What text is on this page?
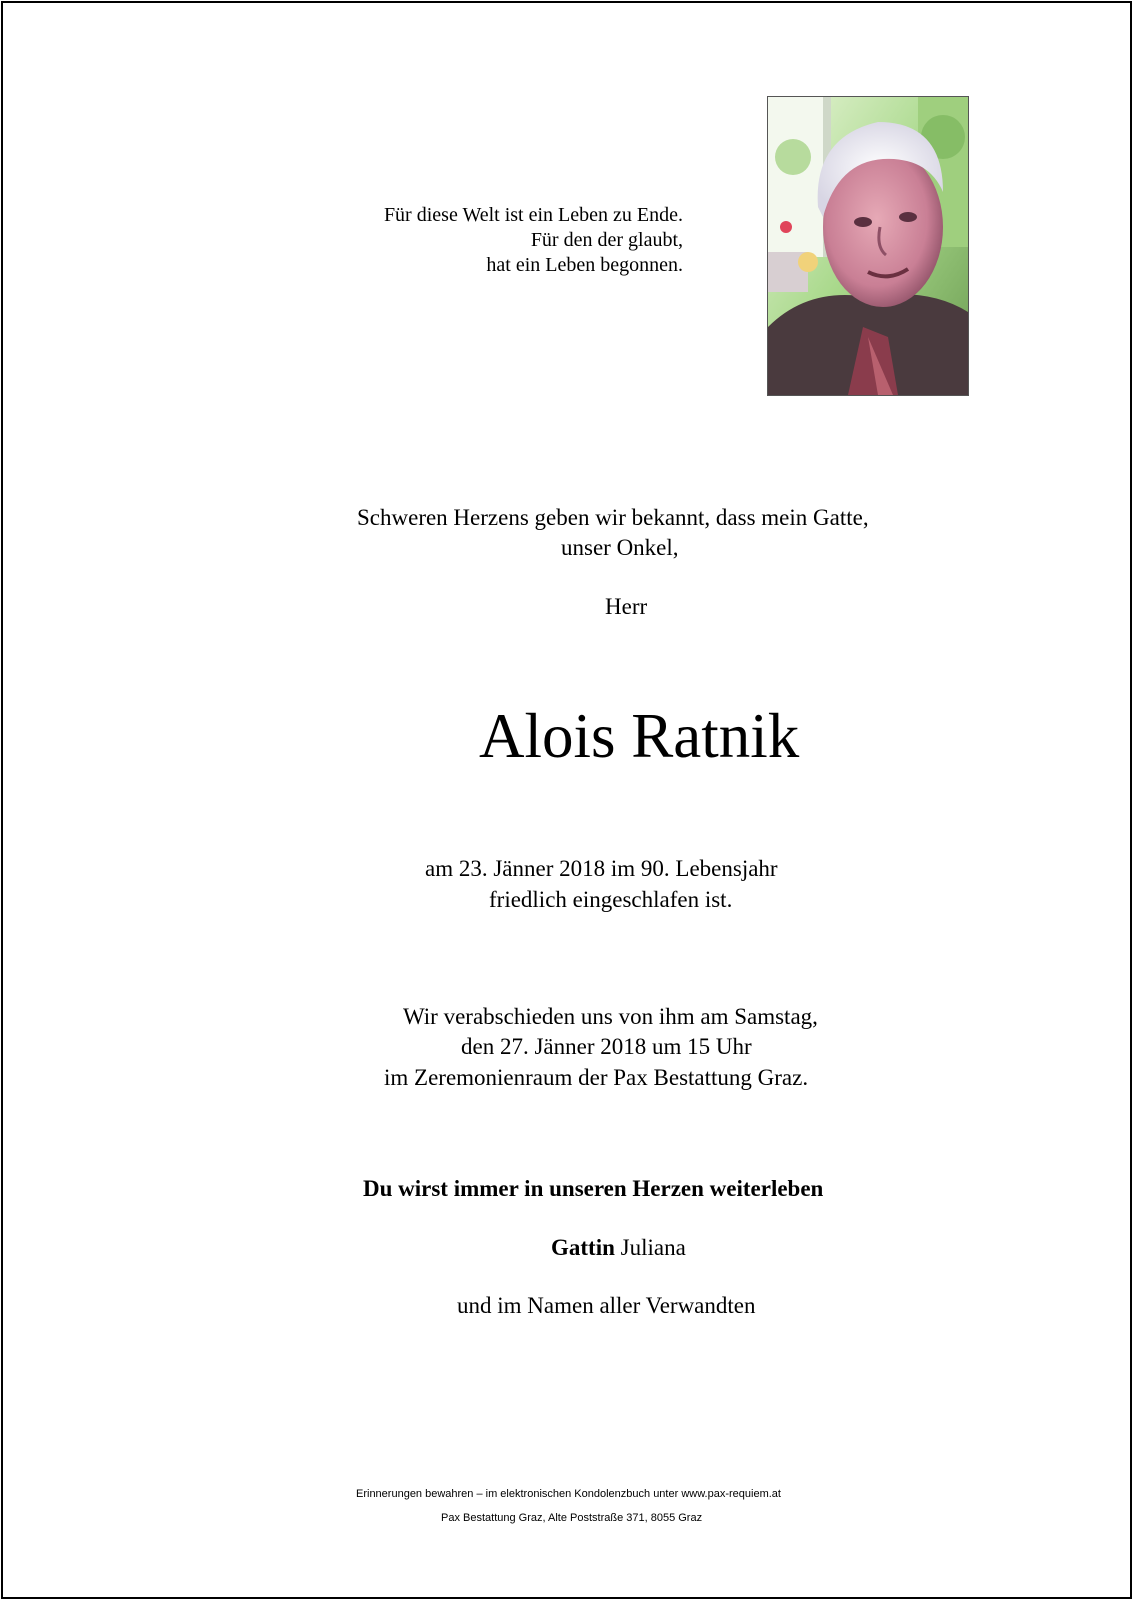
Für diese Welt ist ein Leben zu Ende.
Für den der glaubt,
hat ein Leben begonnen.
Schweren Herzens geben wir bekannt, dass mein Gatte,
unser Onkel,
Herr
Alois Ratnik
am 23. Jänner 2018 im 90. Lebensjahr
friedlich eingeschlafen ist.
Wir verabschieden uns von ihm am Samstag,
den 27. Jänner 2018 um 15 Uhr
im Zeremonienraum der Pax Bestattung Graz.
Du wirst immer in unseren Herzen weiterleben
Gattin Juliana
und im Namen aller Verwandten
Erinnerungen bewahren – im elektronischen Kondolenzbuch unter www.pax-requiem.at
Pax Bestattung Graz, Alte Poststraße 371, 8055 Graz
